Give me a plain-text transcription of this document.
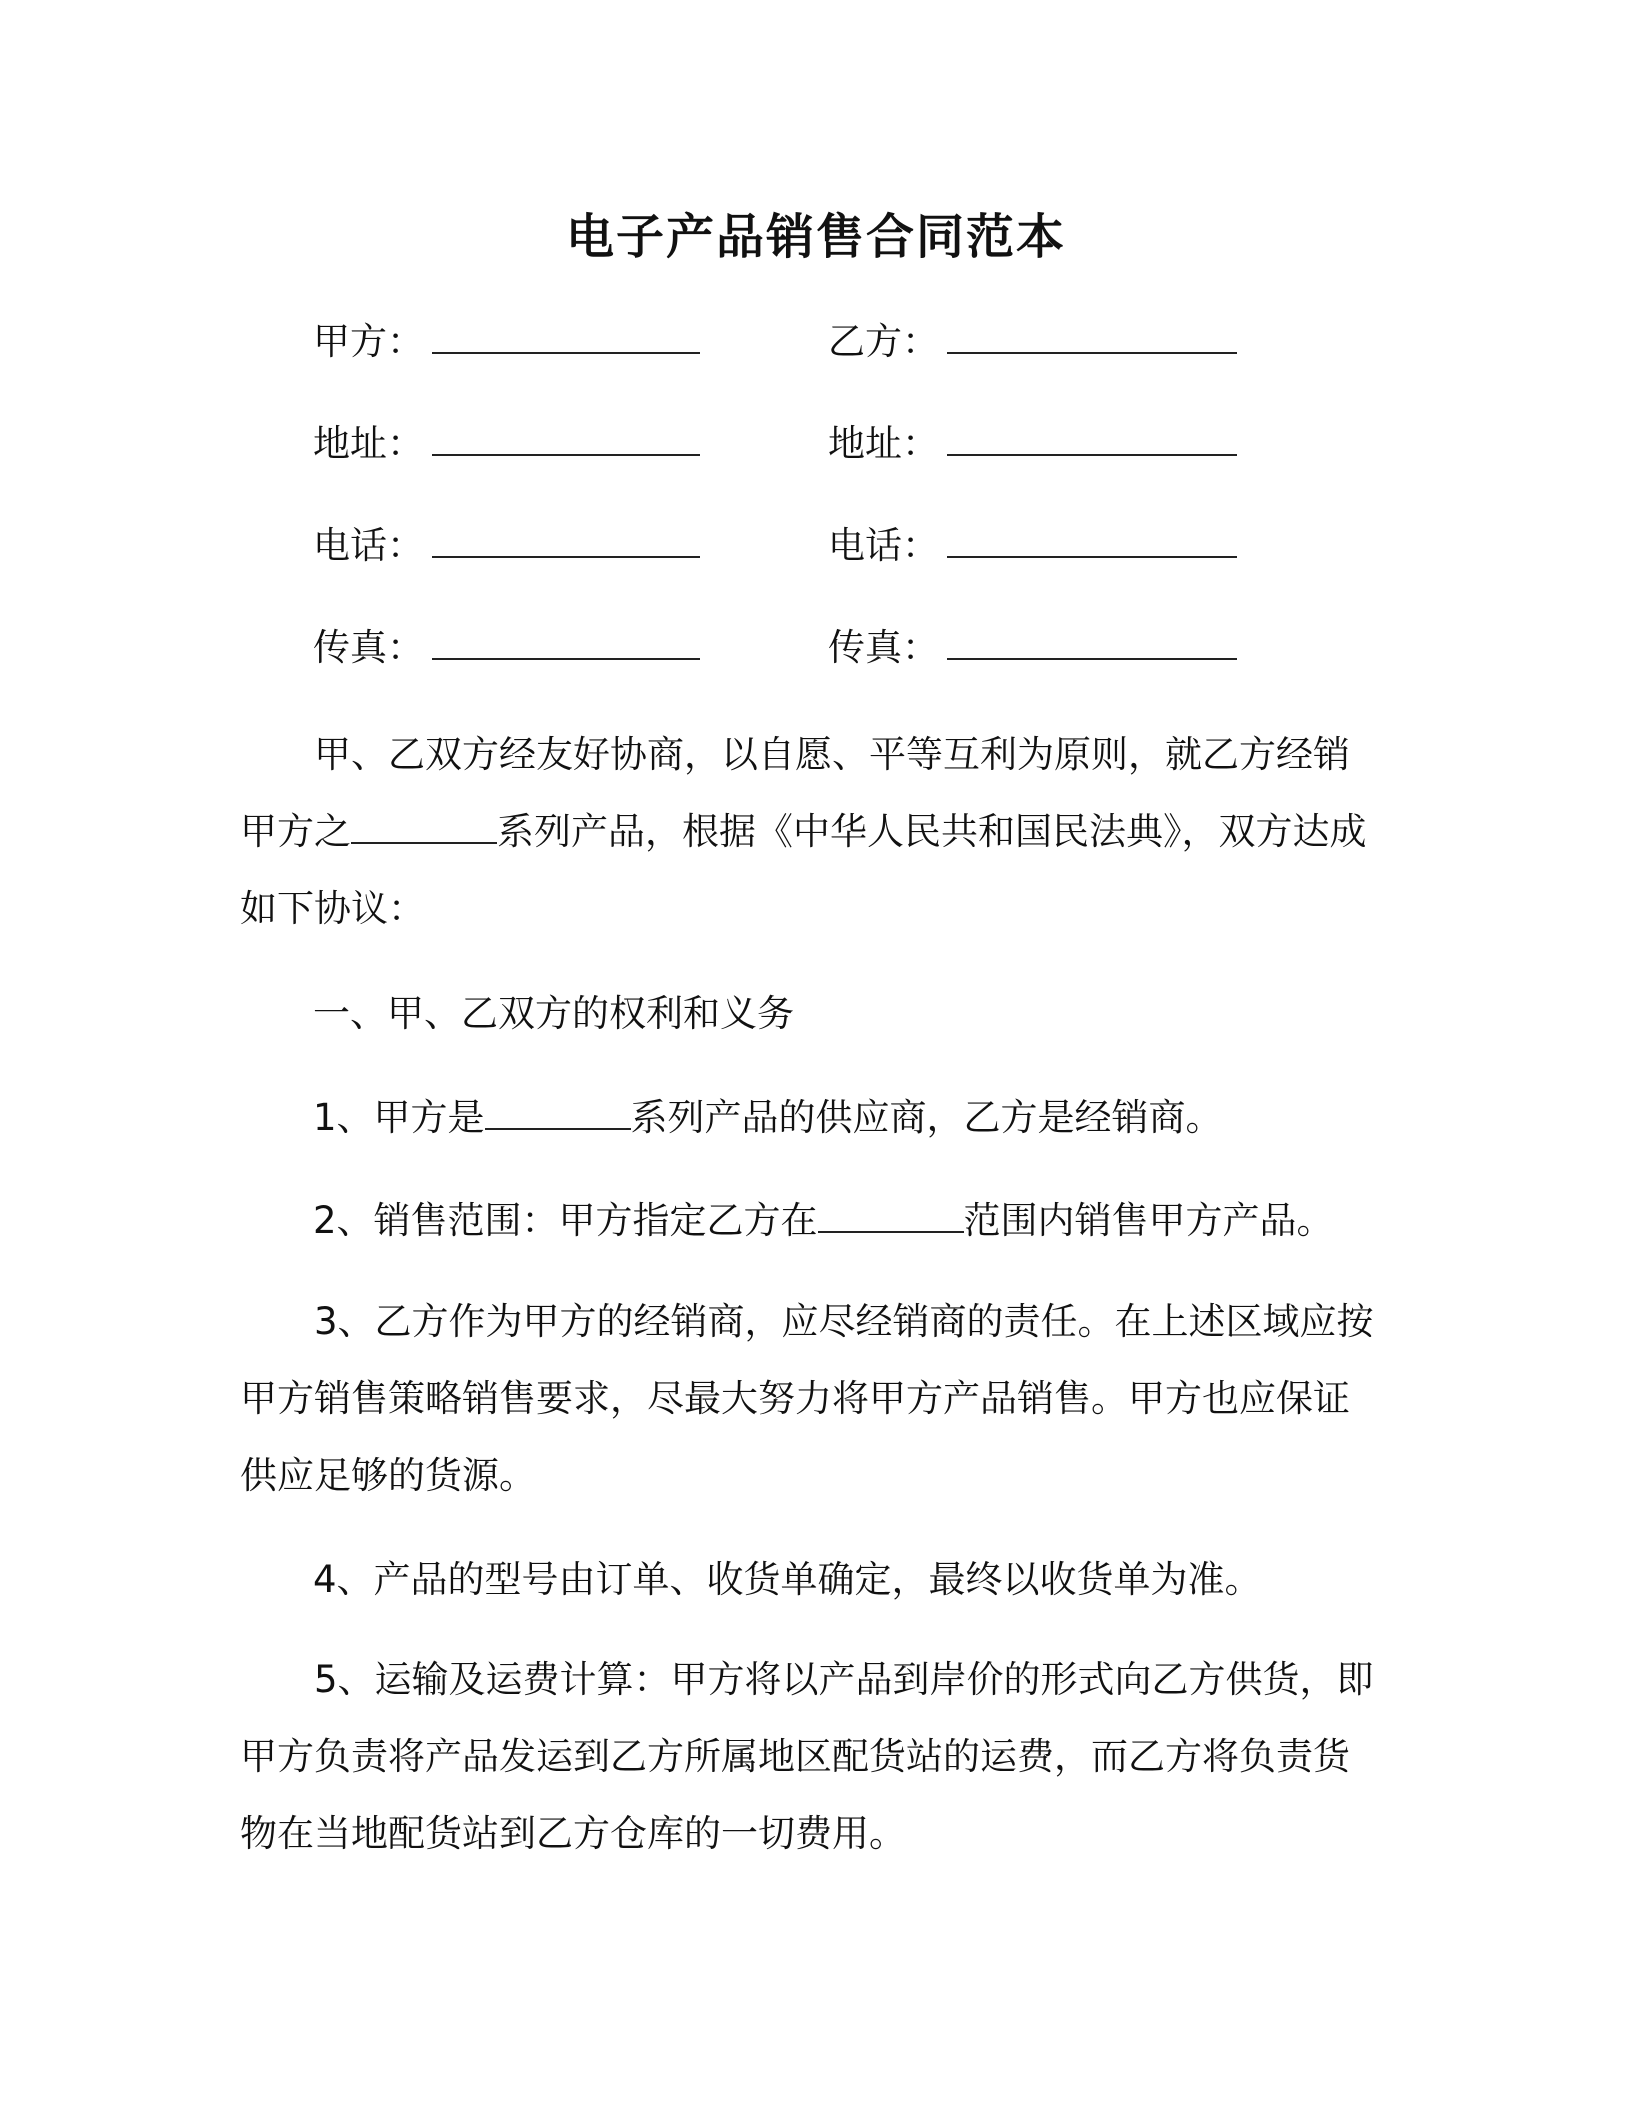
电子产品销售合同范本
甲方：	乙方：
地址：	地址：
电话：	电话：
传真：	传真：

甲、乙双方经友好协商，以自愿、平等互利为原则，就乙方经销甲方之	系列产品，根据《中华人民共和国民法典》，双方达成如下协议：

一、甲、乙双方的权利和义务
1、甲方是	系列产品的供应商，乙方是经销商。
2、销售范围：甲方指定乙方在	范围内销售甲方产品。

3、乙方作为甲方的经销商，应尽经销商的责任。在上述区域应按甲方销售策略销售要求，尽最大努力将甲方产品销售。甲方也应保证供应足够的货源。

4、产品的型号由订单、收货单确定，最终以收货单为准。

5、运输及运费计算：甲方将以产品到岸价的形式向乙方供货，即甲方负责将产品发运到乙方所属地区配货站的运费，而乙方将负责货物在当地配货站到乙方仓库的一切费用。
